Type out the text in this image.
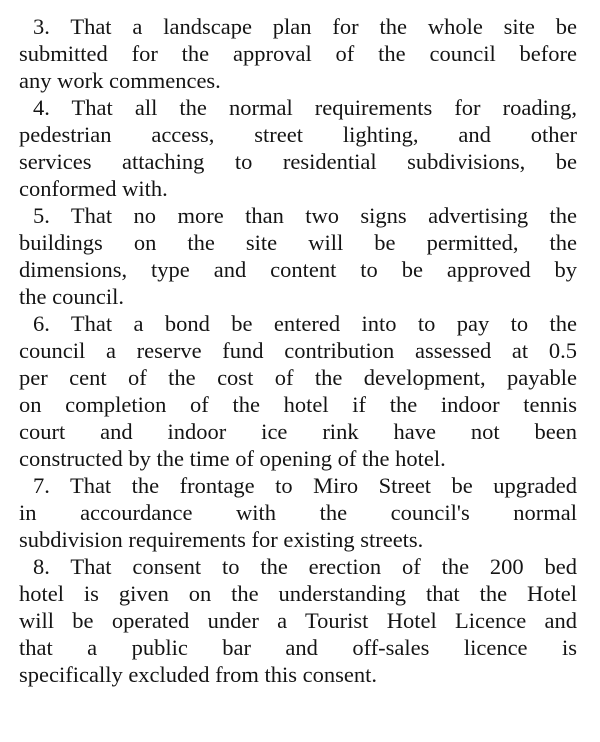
3. That a landscape plan for the whole site be
submitted for the approval of the council before
any work commences.
4. That all the normal requirements for roading,
pedestrian access, street lighting, and other
services attaching to residential subdivisions, be
conformed with.
5. That no more than two signs advertising the
buildings on the site will be permitted, the
dimensions, type and content to be approved by
the council.
6. That a bond be entered into to pay to the
council a reserve fund contribution assessed at 0.5
per cent of the cost of the development, payable
on completion of the hotel if the indoor tennis
court and indoor ice rink have not been
constructed by the time of opening of the hotel.
7. That the frontage to Miro Street be upgraded
in accourdance with the council's normal
subdivision requirements for existing streets.
8. That consent to the erection of the 200 bed
hotel is given on the understanding that the Hotel
will be operated under a Tourist Hotel Licence and
that a public bar and off-sales licence is
specifically excluded from this consent.
